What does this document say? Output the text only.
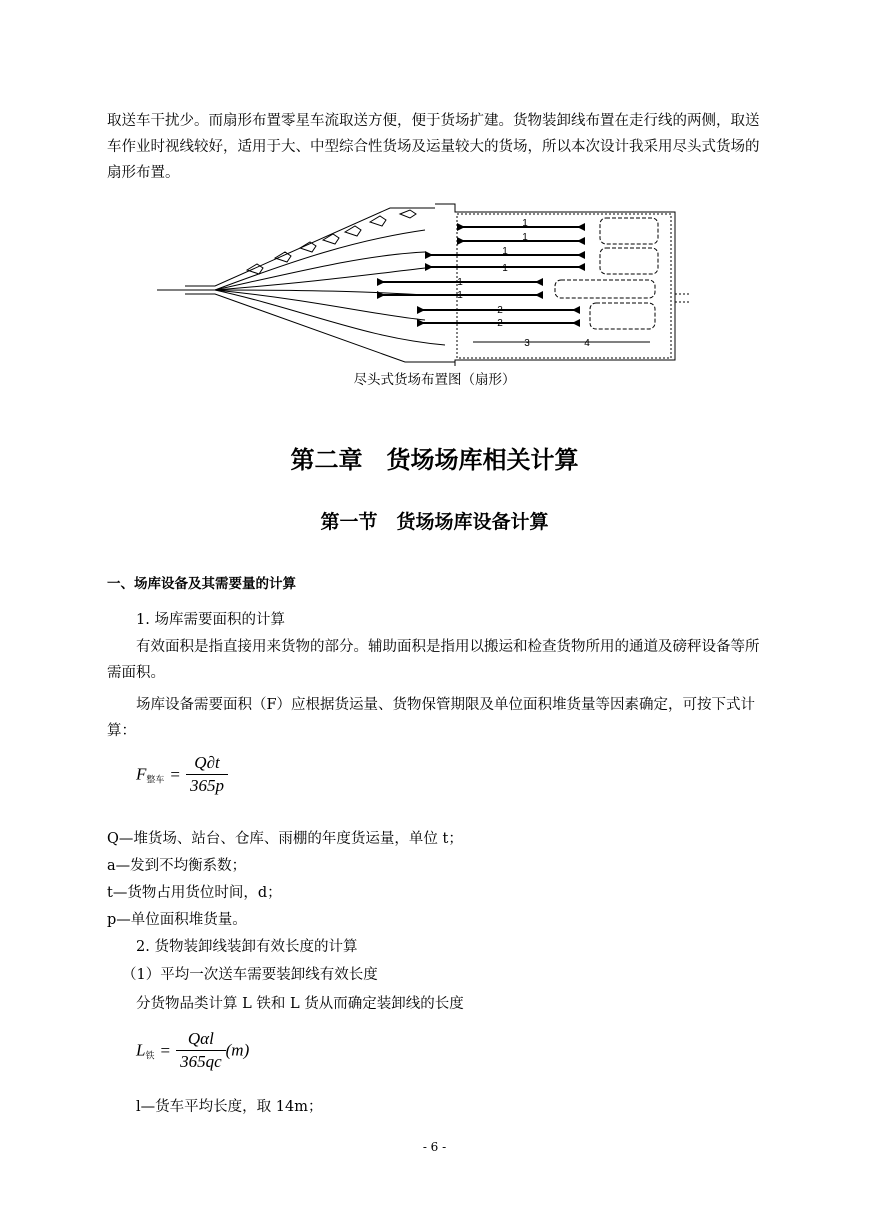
取送车干扰少。而扇形布置零星车流取送方便，便于货场扩建。货物装卸线布置在走行线的两侧，取送车作业时视线较好，适用于大、中型综合性货场及运量较大的货场，所以本次设计我采用尽头式货场的扇形布置。

1
1
1
1
1
1
2
2
3	4
尽头式货场布置图（扇形）
第二章　货场场库相关计算
第一节　货场场库设备计算
一、场库设备及其需要量的计算

1. 场库需要面积的计算

有效面积是指直接用来货物的部分。辅助面积是指用以搬运和检查货物所用的通道及磅秤设备等所需面积。

场库设备需要面积（F）应根据货运量、货物保管期限及单位面积堆货量等因素确定，可按下式计算：

$F_{整车} = \frac{Q\partial t}{365p}$

Q—堆货场、站台、仓库、雨棚的年度货运量，单位 t；

a—发到不均衡系数；

t—货物占用货位时间，d；

p—单位面积堆货量。

2. 货物装卸线装卸有效长度的计算

（1）平均一次送车需要装卸线有效长度

分货物品类计算 L 铁和 L 货从而确定装卸线的长度

$L_铁 = \frac{\text{Qαl}}{365qc} (m)$

l—货车平均长度，取 14m；

- 6 -
